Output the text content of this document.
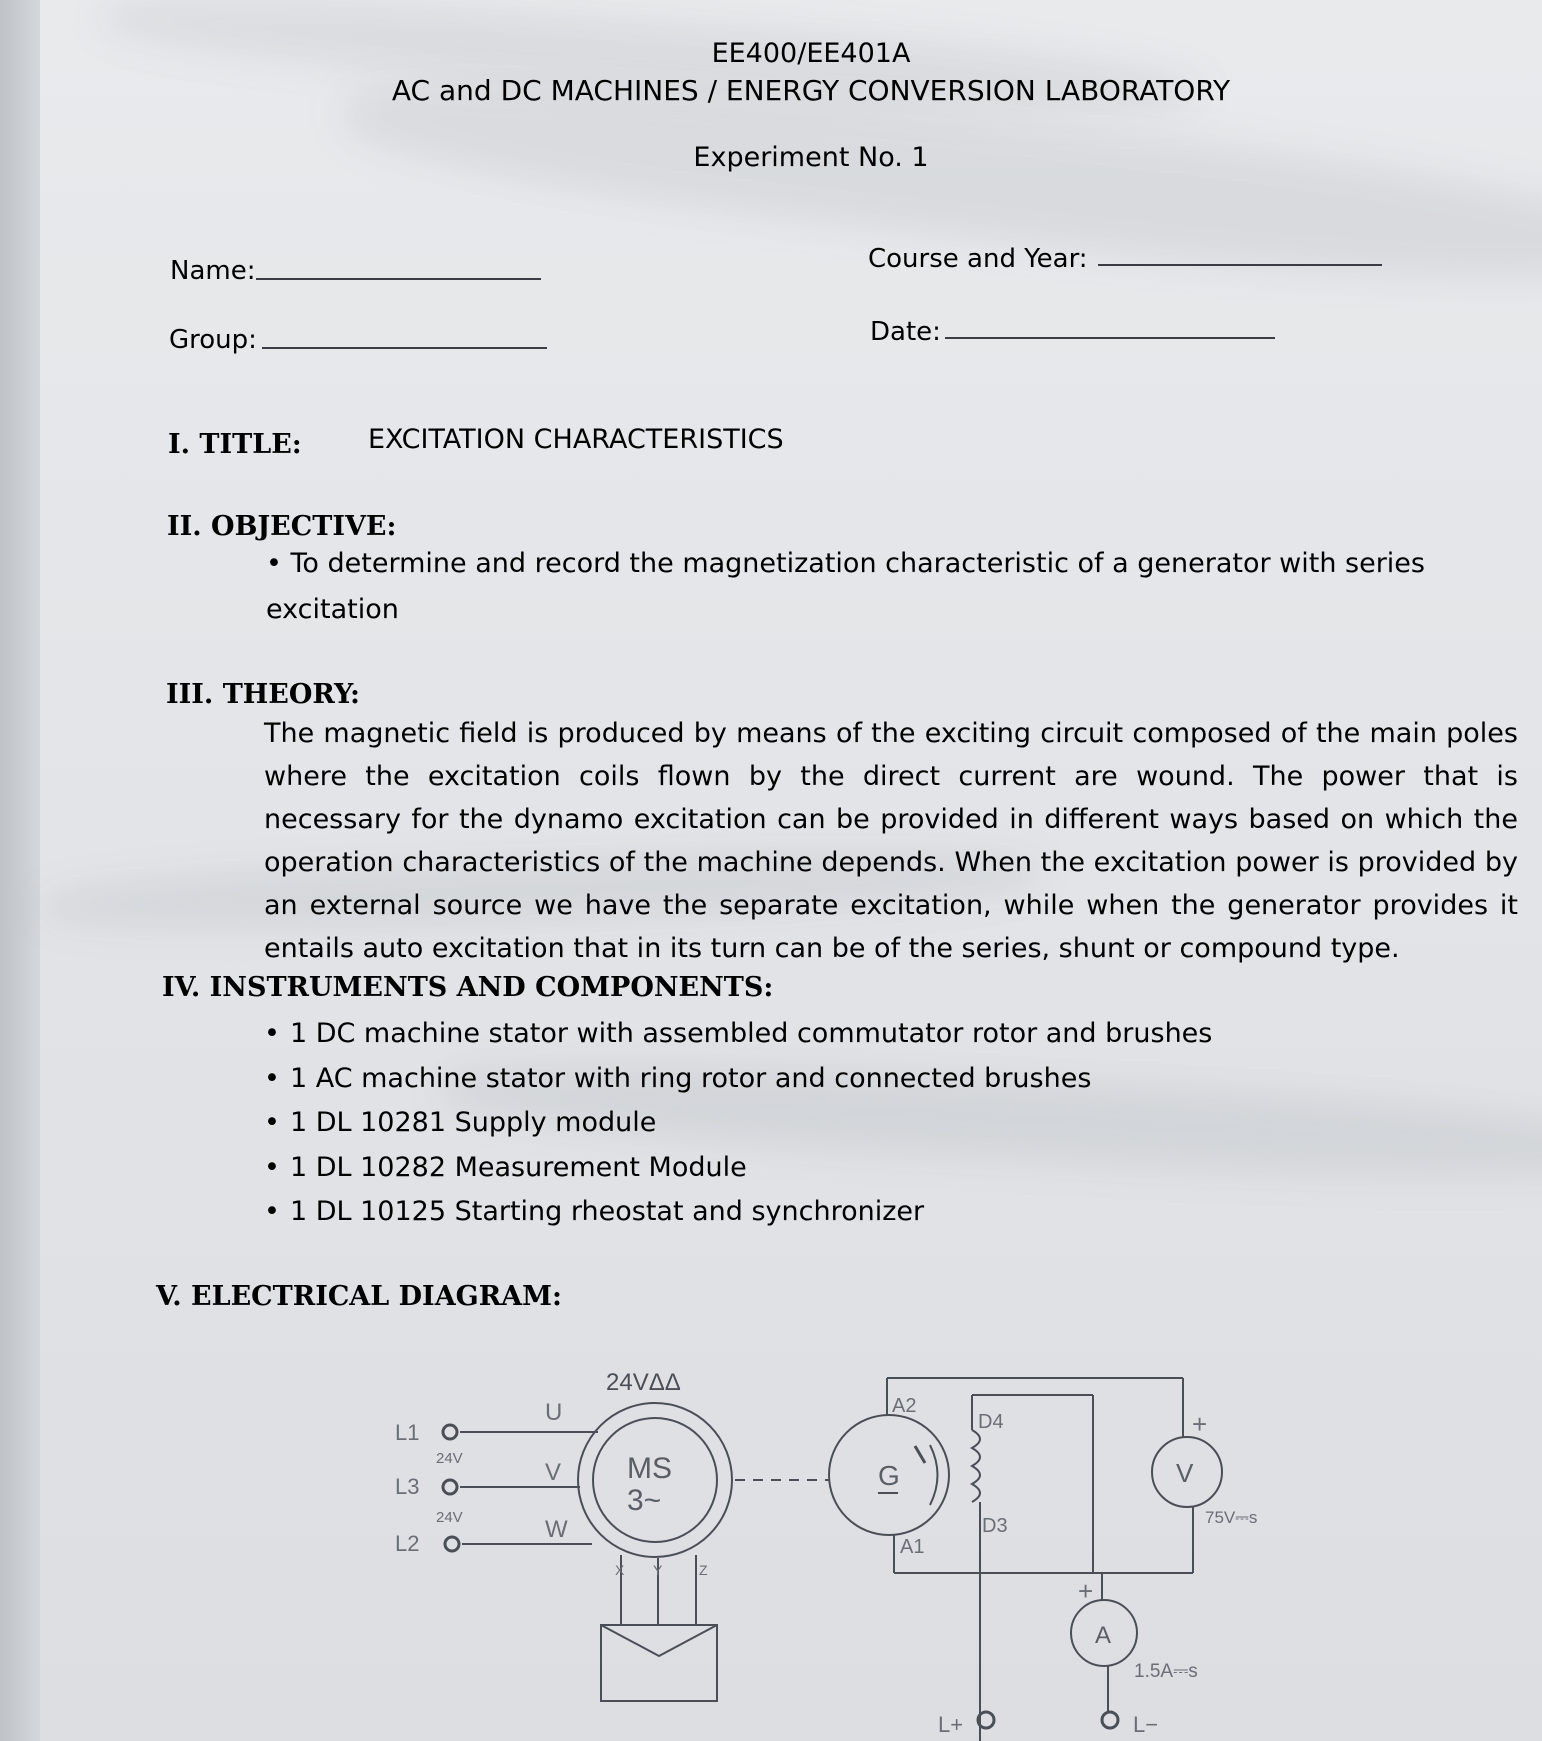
EE400/EE401A
AC and DC MACHINES / ENERGY CONVERSION LABORATORY
Experiment No. 1
Name:	Course and Year:
Group:	Date:
I. TITLE: EXCITATION CHARACTERISTICS
II. OBJECTIVE:
• To determine and record the magnetization characteristic of a generator with series
excitation
III. THEORY:
The magnetic field is produced by means of the exciting circuit composed of the main poles where the excitation coils flown by the direct current are wound. The power that is necessary for the dynamo excitation can be provided in different ways based on which the operation characteristics of the machine depends. When the excitation power is provided by an external source we have the separate excitation, while when the generator provides it entails auto excitation that in its turn can be of the series, shunt or compound type.
IV. INSTRUMENTS AND COMPONENTS:
• 1 DC machine stator with assembled commutator rotor and brushes
• 1 AC machine stator with ring rotor and connected brushes
• 1 DL 10281 Supply module
• 1 DL 10282 Measurement Module
• 1 DL 10125 Starting rheostat and synchronizer
V. ELECTRICAL DIAGRAM:
24VΔΔ
L1
L3
L2
24V
24V
U
V
W
MS
3~
X Y	Z
G
A2
A1
D4
D3
+
V
75V⎓s
+
A
1.5A⎓s
L+	L−
